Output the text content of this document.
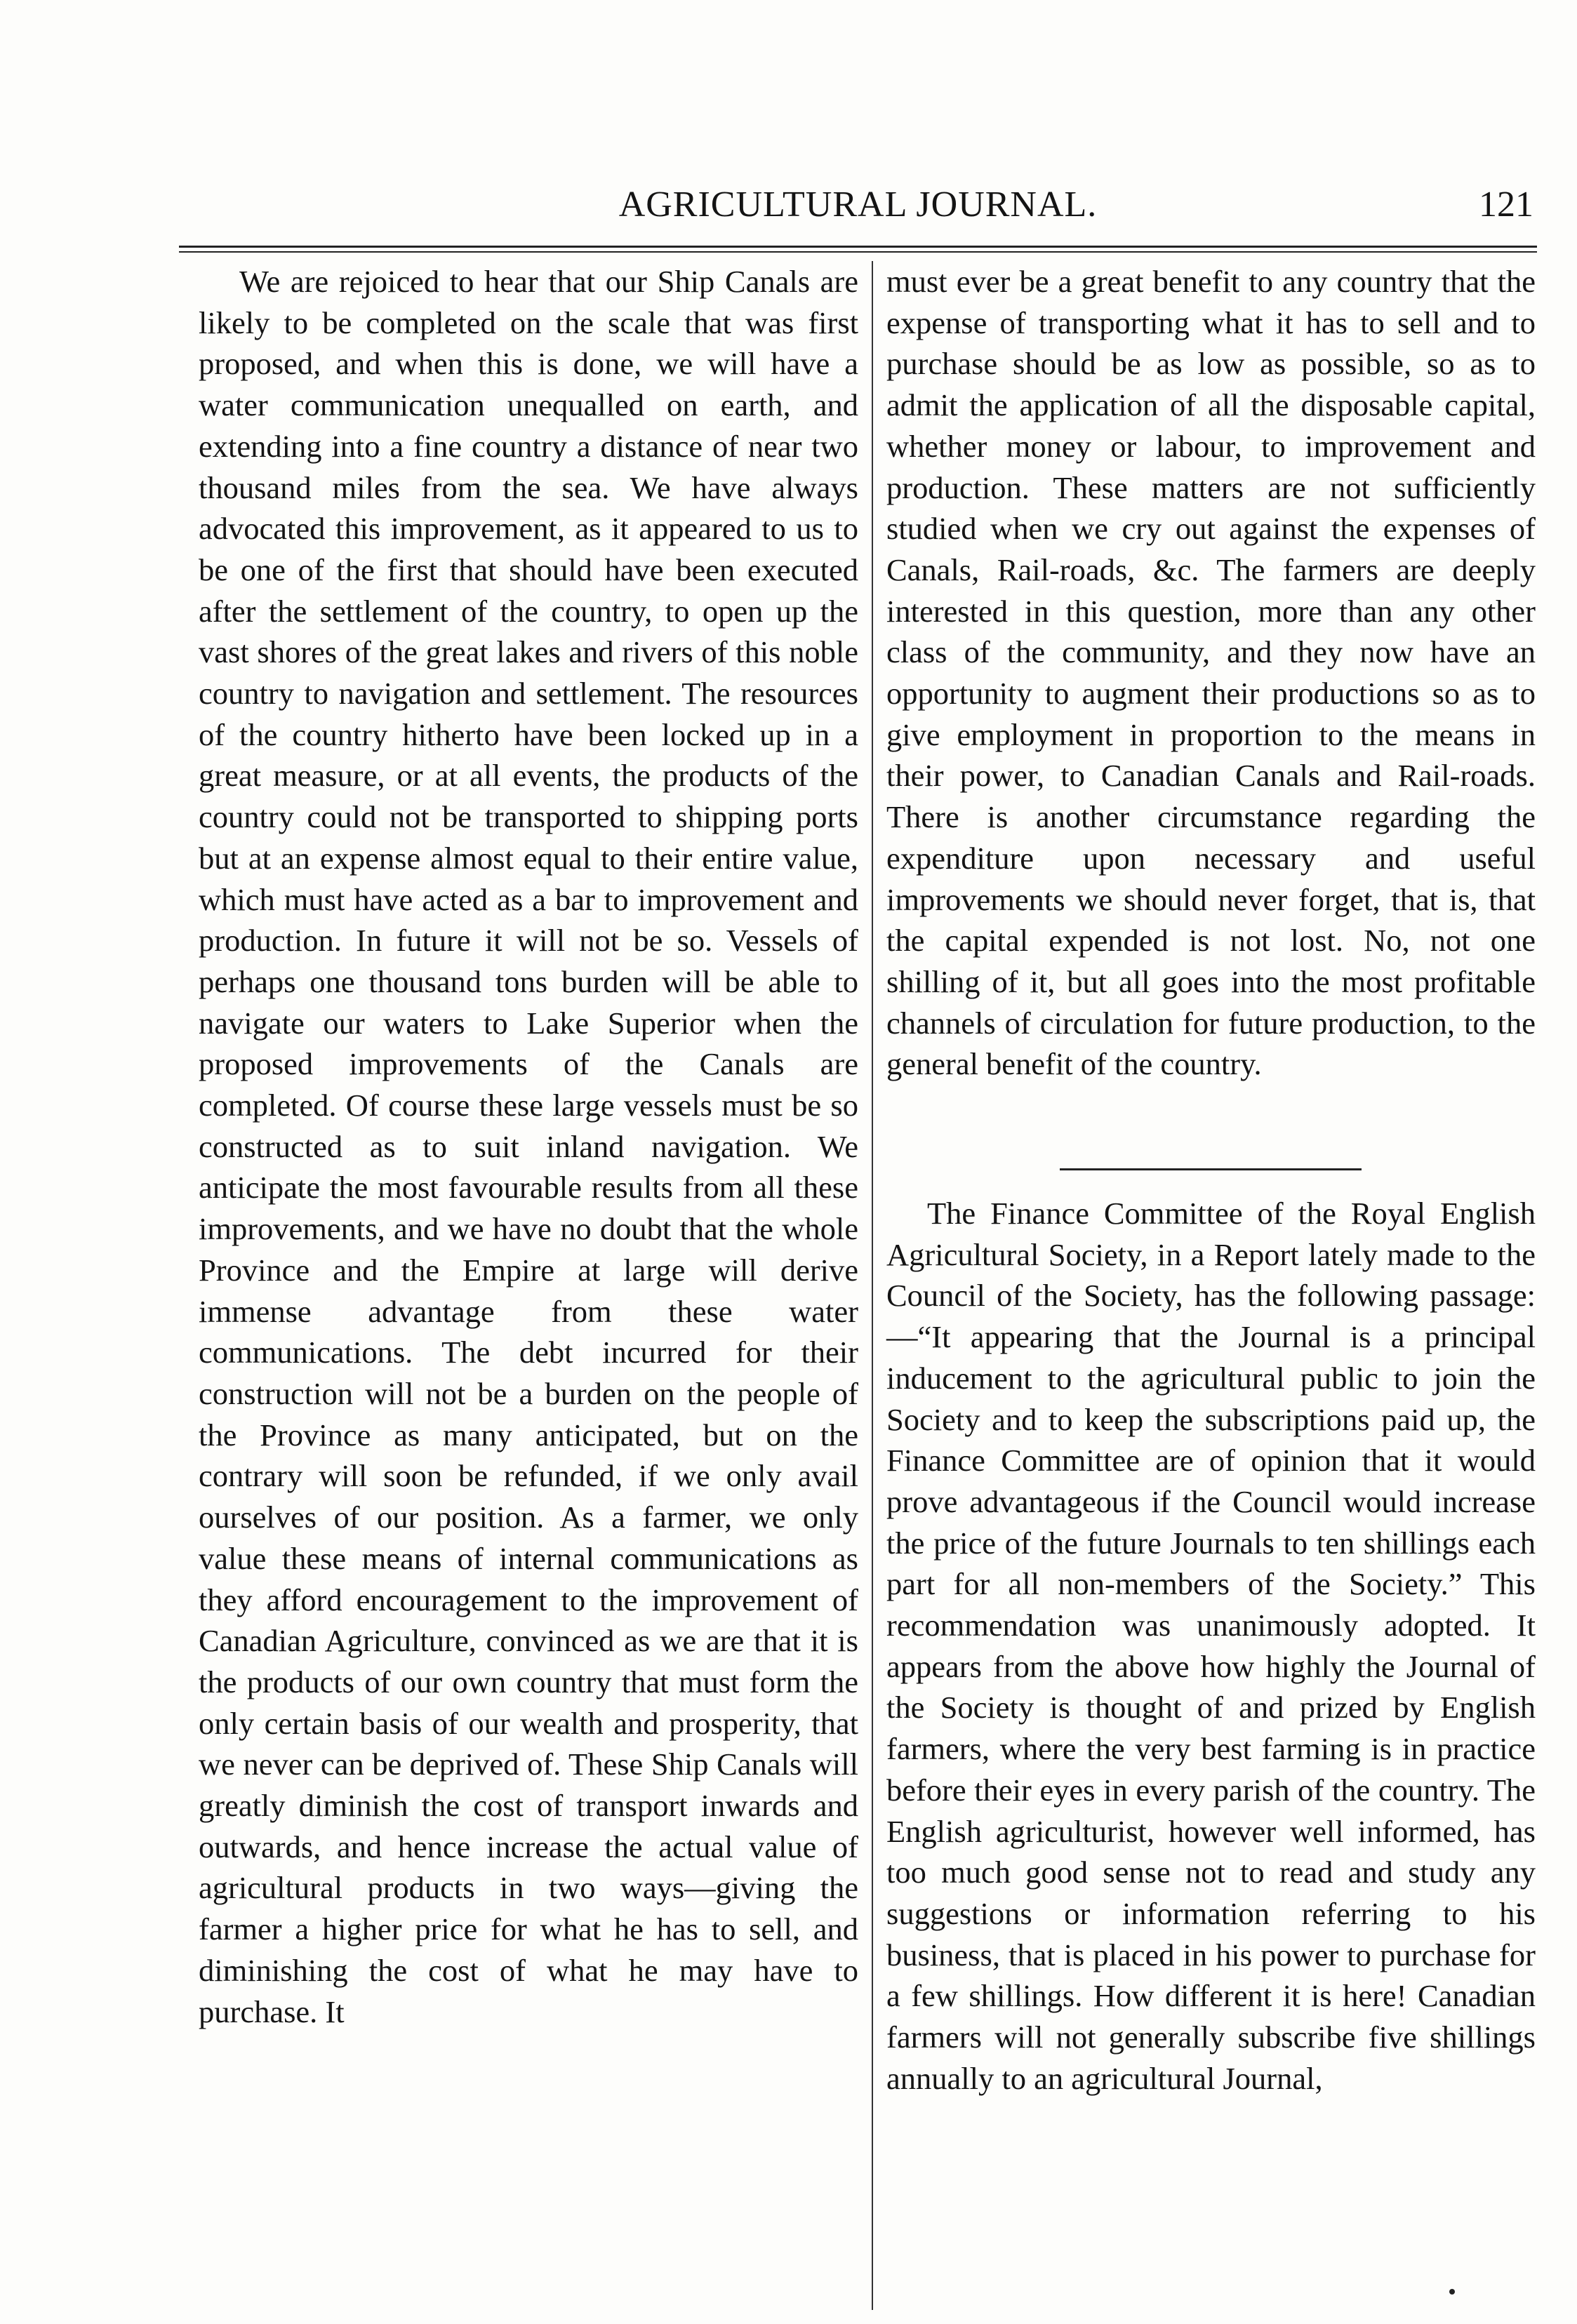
AGRICULTURAL JOURNAL.	121

We are rejoiced to hear that our Ship Canals are likely to be completed on the scale that was first proposed, and when this is done, we will have a water communication unequalled on earth, and extending into a fine country a distance of near two thousand miles from the sea. We have always advocated this improvement, as it appeared to us to be one of the first that should have been executed after the settlement of the country, to open up the vast shores of the great lakes and rivers of this noble country to navigation and settlement. The resources of the country hitherto have been locked up in a great measure, or at all events, the products of the country could not be transported to shipping ports but at an expense almost equal to their entire value, which must have acted as a bar to improvement and production. In future it will not be so. Vessels of perhaps one thousand tons burden will be able to navigate our waters to Lake Superior when the proposed improvements of the Canals are completed. Of course these large vessels must be so constructed as to suit inland navigation. We anticipate the most favourable results from all these improvements, and we have no doubt that the whole Province and the Empire at large will derive immense advantage from these water communications. The debt incurred for their construction will not be a burden on the people of the Province as many anticipated, but on the contrary will soon be refunded, if we only avail ourselves of our position. As a farmer, we only value these means of internal communications as they afford encouragement to the improvement of Canadian Agriculture, convinced as we are that it is the products of our own country that must form the only certain basis of our wealth and prosperity, that we never can be deprived of. These Ship Canals will greatly diminish the cost of transport inwards and outwards, and hence increase the actual value of agricultural products in two ways—giving the farmer a higher price for what he has to sell, and diminishing the cost of what he may have to purchase. It

must ever be a great benefit to any country that the expense of transporting what it has to sell and to purchase should be as low as possible, so as to admit the application of all the disposable capital, whether money or labour, to improvement and production. These matters are not sufficiently studied when we cry out against the expenses of Canals, Rail-roads, &c. The farmers are deeply interested in this question, more than any other class of the community, and they now have an opportunity to augment their productions so as to give employment in proportion to the means in their power, to Canadian Canals and Rail-roads. There is another circumstance regarding the expenditure upon necessary and useful improvements we should never forget, that is, that the capital expended is not lost. No, not one shilling of it, but all goes into the most profitable channels of circulation for future production, to the general benefit of the country.

The Finance Committee of the Royal English Agricultural Society, in a Report lately made to the Council of the Society, has the following passage:—“It appearing that the Journal is a principal inducement to the agricultural public to join the Society and to keep the subscriptions paid up, the Finance Committee are of opinion that it would prove advantageous if the Council would increase the price of the future Journals to ten shillings each part for all non-members of the Society.” This recommendation was unanimously adopted. It appears from the above how highly the Journal of the Society is thought of and prized by English farmers, where the very best farming is in practice before their eyes in every parish of the country. The English agriculturist, however well informed, has too much good sense not to read and study any suggestions or information referring to his business, that is placed in his power to purchase for a few shillings. How different it is here! Canadian farmers will not generally subscribe five shillings annually to an agricultural Journal,
